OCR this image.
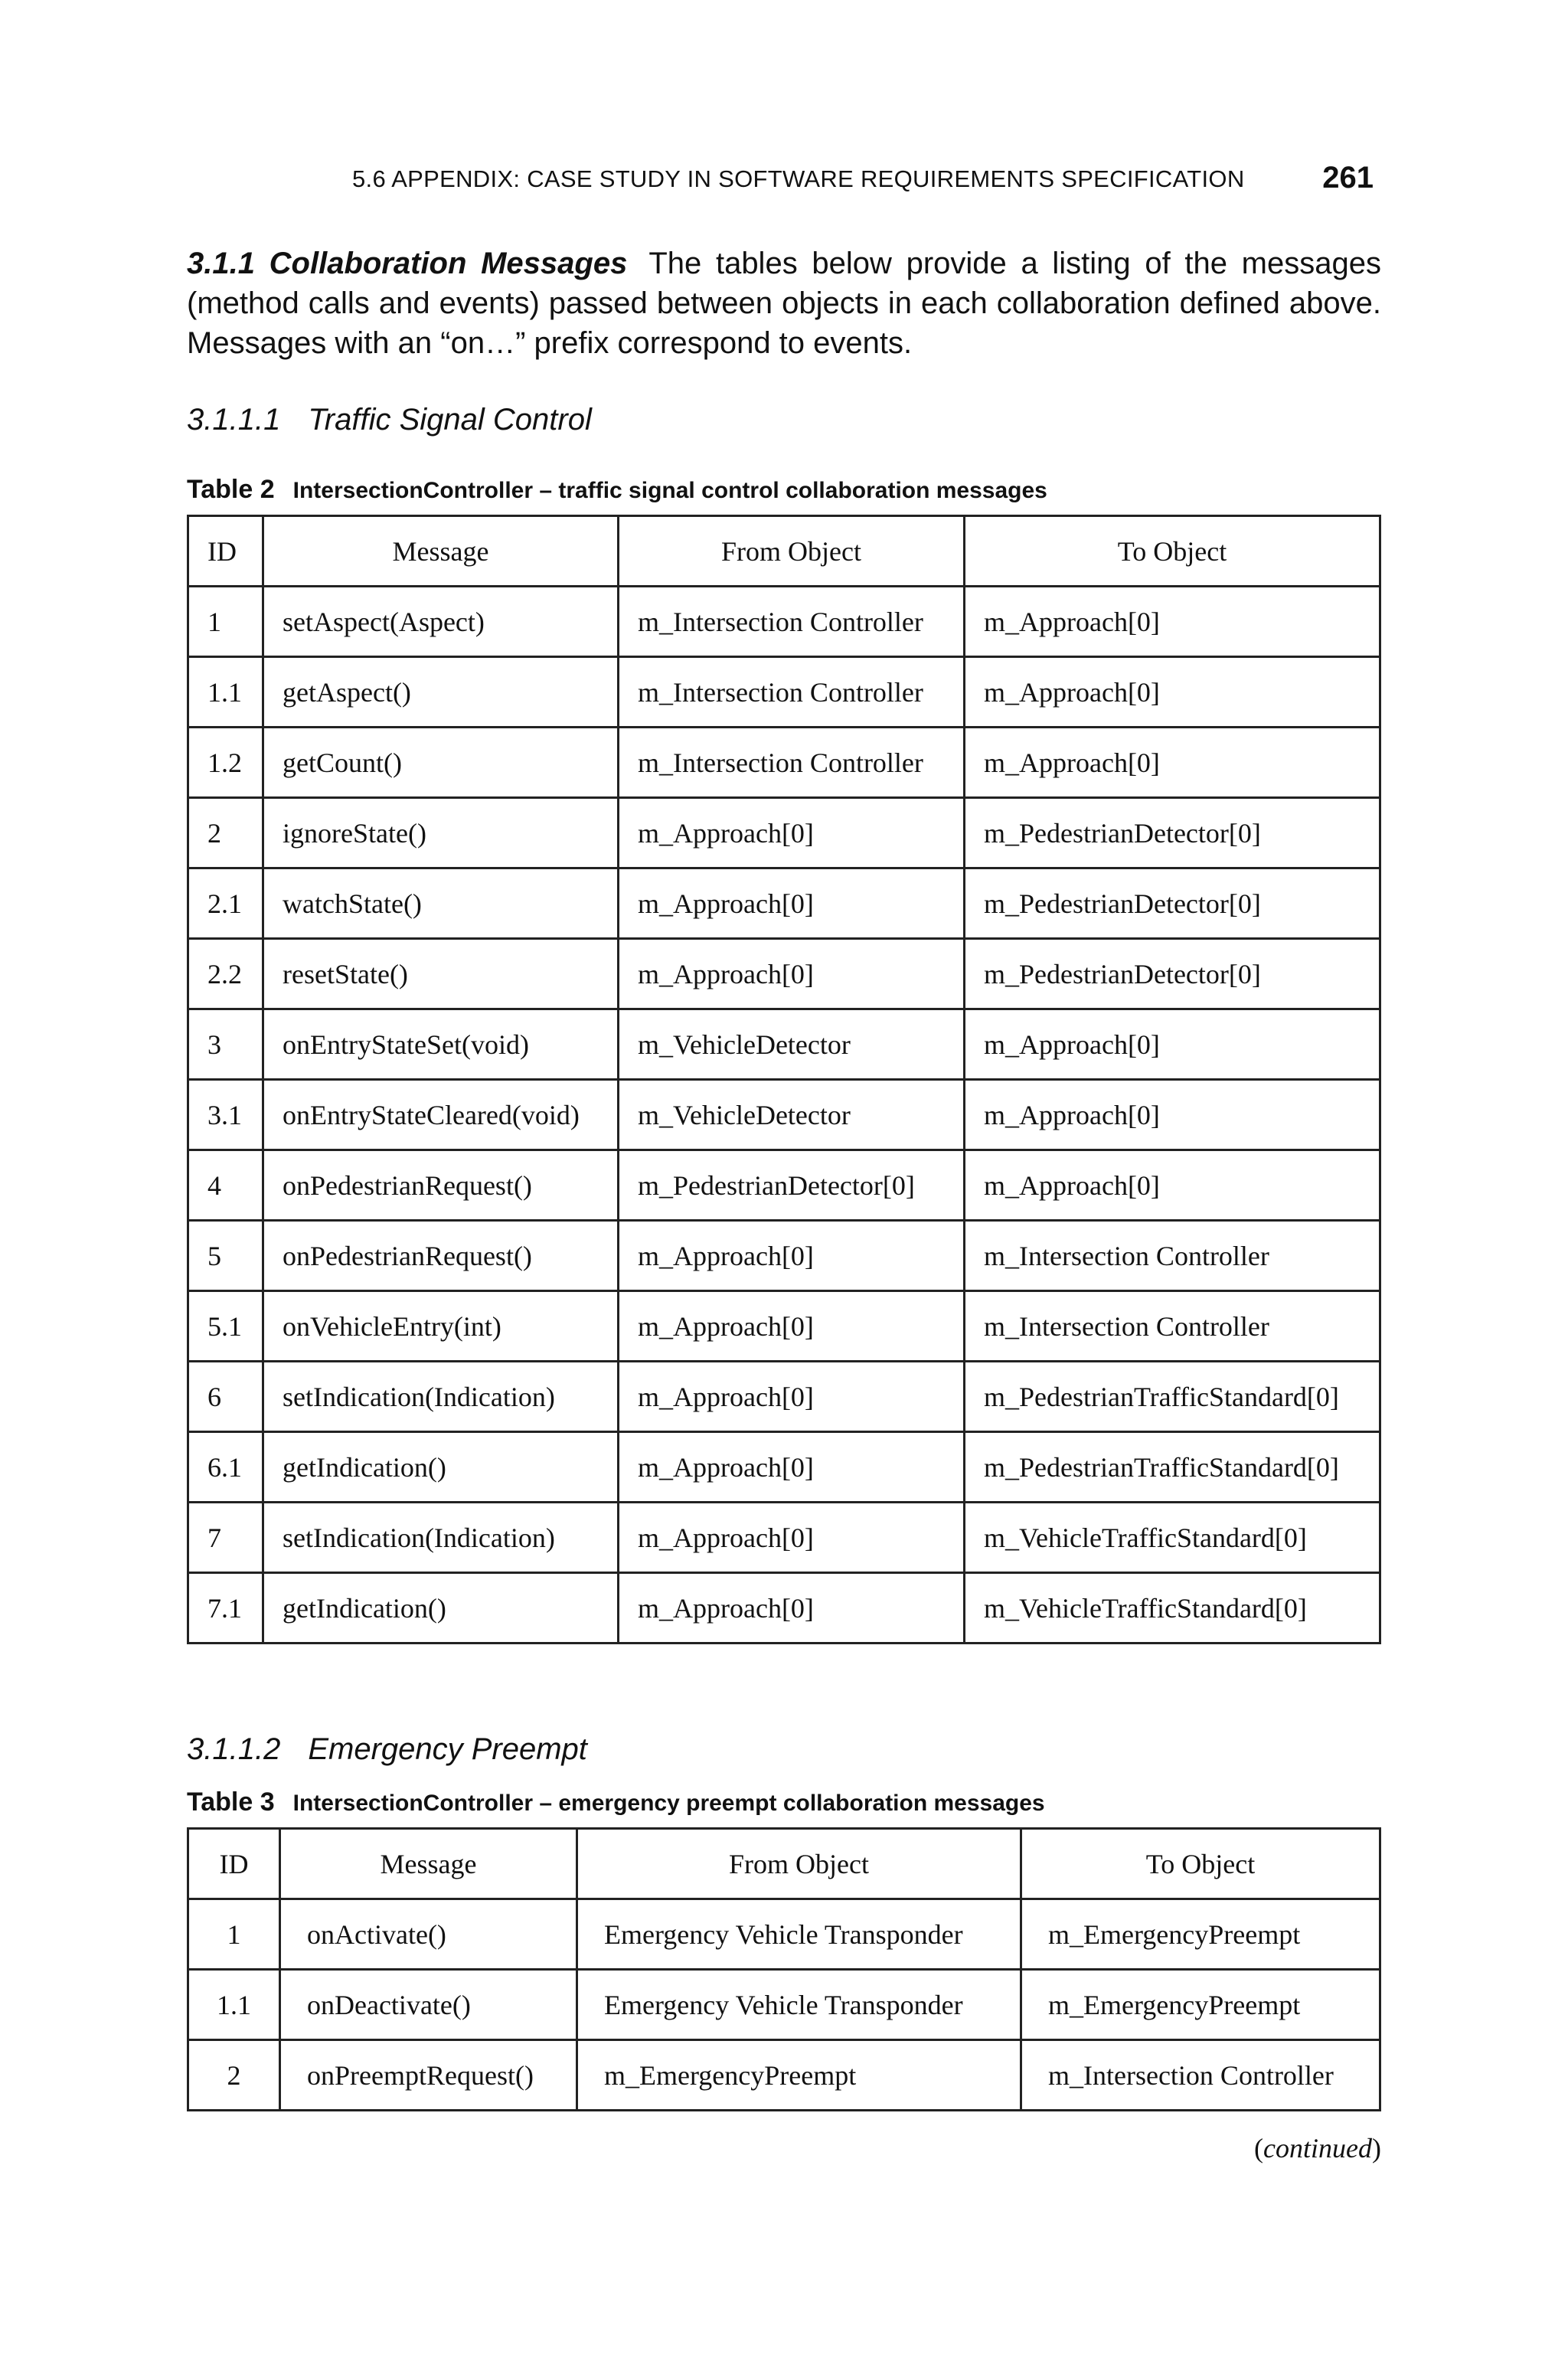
5.6 APPENDIX: CASE STUDY IN SOFTWARE REQUIREMENTS SPECIFICATION	261
3.1.1 Collaboration Messages The tables below provide a listing of the messages (method calls and events) passed between objects in each collaboration defined above. Messages with an “on…” prefix correspond to events.
3.1.1.1 Traffic Signal Control
Table 2 IntersectionController – traffic signal control collaboration messages
ID	Message	From Object	To Object
1	setAspect(Aspect)	m_Intersection Controller	m_Approach[0]
1.1	getAspect()	m_Intersection Controller	m_Approach[0]
1.2	getCount()	m_Intersection Controller	m_Approach[0]
2	ignoreState()	m_Approach[0]	m_PedestrianDetector[0]
2.1	watchState()	m_Approach[0]	m_PedestrianDetector[0]
2.2	resetState()	m_Approach[0]	m_PedestrianDetector[0]
3	onEntryStateSet(void)	m_VehicleDetector	m_Approach[0]
3.1	onEntryStateCleared(void)	m_VehicleDetector	m_Approach[0]
4	onPedestrianRequest()	m_PedestrianDetector[0]	m_Approach[0]
5	onPedestrianRequest()	m_Approach[0]	m_Intersection Controller
5.1	onVehicleEntry(int)	m_Approach[0]	m_Intersection Controller
6	setIndication(Indication)	m_Approach[0]	m_PedestrianTrafficStandard[0]
6.1	getIndication()	m_Approach[0]	m_PedestrianTrafficStandard[0]
7	setIndication(Indication)	m_Approach[0]	m_VehicleTrafficStandard[0]
7.1	getIndication()	m_Approach[0]	m_VehicleTrafficStandard[0]
3.1.1.2 Emergency Preempt
Table 3 IntersectionController – emergency preempt collaboration messages
ID	Message	From Object	To Object
1	onActivate()	Emergency Vehicle Transponder	m_EmergencyPreempt
1.1	onDeactivate()	Emergency Vehicle Transponder	m_EmergencyPreempt
2	onPreemptRequest()	m_EmergencyPreempt	m_Intersection Controller
(continued)
